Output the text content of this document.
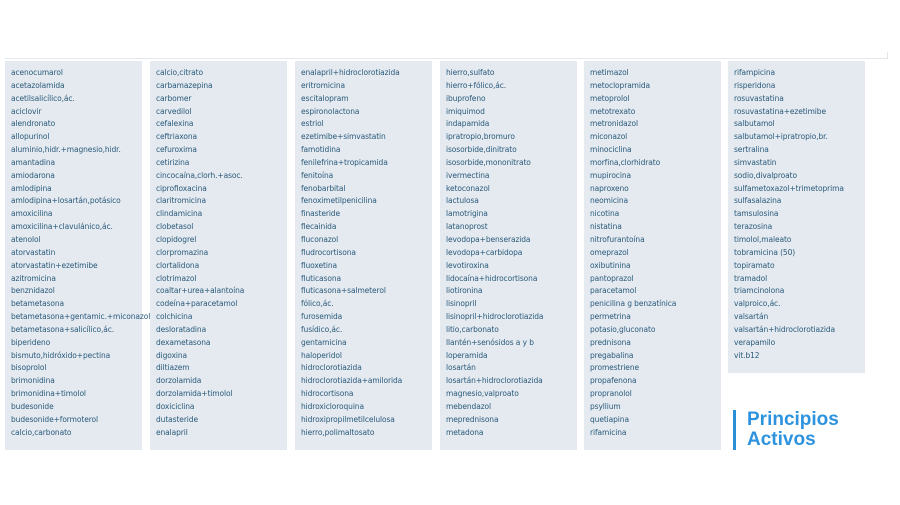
acenocumarol
acetazolamida
acetilsalicílico,ác.
aciclovir
alendronato
allopurinol
aluminio,hidr.+magnesio,hidr.
amantadina
amiodarona
amlodipina
amlodipina+losartán,potásico
amoxicilina
amoxicilina+clavulánico,ác.
atenolol
atorvastatin
atorvastatin+ezetimibe
azitromicina
benznidazol
betametasona
betametasona+gentamic.+miconazol
betametasona+salicílico,ác.
biperideno
bismuto,hidróxido+pectina
bisoprolol
brimonidina
brimonidina+timolol
budesonide
budesonide+formoterol
calcio,carbonato
calcio,citrato
carbamazepina
carbomer
carvedilol
cefalexina
ceftriaxona
cefuroxima
cetirizina
cincocaína,clorh.+asoc.
ciprofloxacina
claritromicina
clindamicina
clobetasol
clopidogrel
clorpromazina
clortalidona
clotrimazol
coaltar+urea+alantoína
codeína+paracetamol
colchicina
desloratadina
dexametasona
digoxina
diltiazem
dorzolamida
dorzolamida+timolol
doxiciclina
dutasteride
enalapril
enalapril+hidroclorotiazida
eritromicina
escitalopram
espironolactona
estriol
ezetimibe+simvastatin
famotidina
fenilefrina+tropicamida
fenitoína
fenobarbital
fenoximetilpenicilina
finasteride
flecainida
fluconazol
fludrocortisona
fluoxetina
fluticasona
fluticasona+salmeterol
fólico,ác.
furosemida
fusídico,ác.
gentamicina
haloperidol
hidroclorotiazida
hidroclorotiazida+amilorida
hidrocortisona
hidroxicloroquina
hidroxipropilmetilcelulosa
hierro,polimaltosato
hierro,sulfato
hierro+fólico,ác.
ibuprofeno
imiquimod
indapamida
ipratropio,bromuro
isosorbide,dinitrato
isosorbide,mononitrato
ivermectina
ketoconazol
lactulosa
lamotrigina
latanoprost
levodopa+benserazida
levodopa+carbidopa
levotiroxina
lidocaína+hidrocortisona
liotironina
lisinopril
lisinopril+hidroclorotiazida
litio,carbonato
llantén+senósidos a y b
loperamida
losartán
losartán+hidroclorotiazida
magnesio,valproato
mebendazol
meprednisona
metadona
metimazol
metoclopramida
metoprolol
metotrexato
metronidazol
miconazol
minociclina
morfina,clorhidrato
mupirocina
naproxeno
neomicina
nicotina
nistatina
nitrofurantoína
omeprazol
oxibutinina
pantoprazol
paracetamol
penicilina g benzatínica
permetrina
potasio,gluconato
prednisona
pregabalina
promestriene
propafenona
propranolol
psyllium
quetiapina
rifamicina
rifampicina
risperidona
rosuvastatina
rosuvastatina+ezetimibe
salbutamol
salbutamol+ipratropio,br.
sertralina
simvastatin
sodio,divalproato
sulfametoxazol+trimetoprima
sulfasalazina
tamsulosina
terazosina
timolol,maleato
tobramicina (50)
topiramato
tramadol
triamcinolona
valproico,ác.
valsartán
valsartán+hidroclorotiazida
verapamilo
vit.b12
Principios
Activos
